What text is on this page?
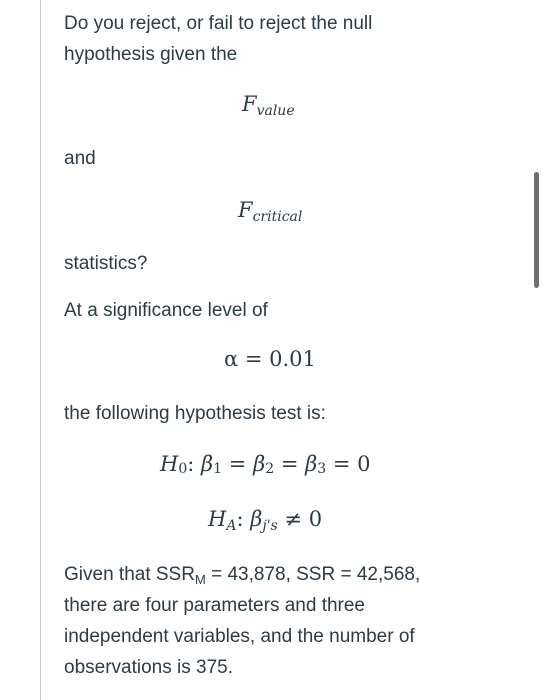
Do you reject, or fail to reject the null
hypothesis given the
$F_{value}$
and
$F_{critical}$
statistics?
At a significance level of
α = 0.01
the following hypothesis test is:
H0: β1 = β2 = β3 = 0
$H_A$: $\beta_{j's} \ne 0$
Given that $SSR_M = 43,878$, SSR = 42,568,
there are four parameters and three
independent variables, and the number of
observations is 375.
